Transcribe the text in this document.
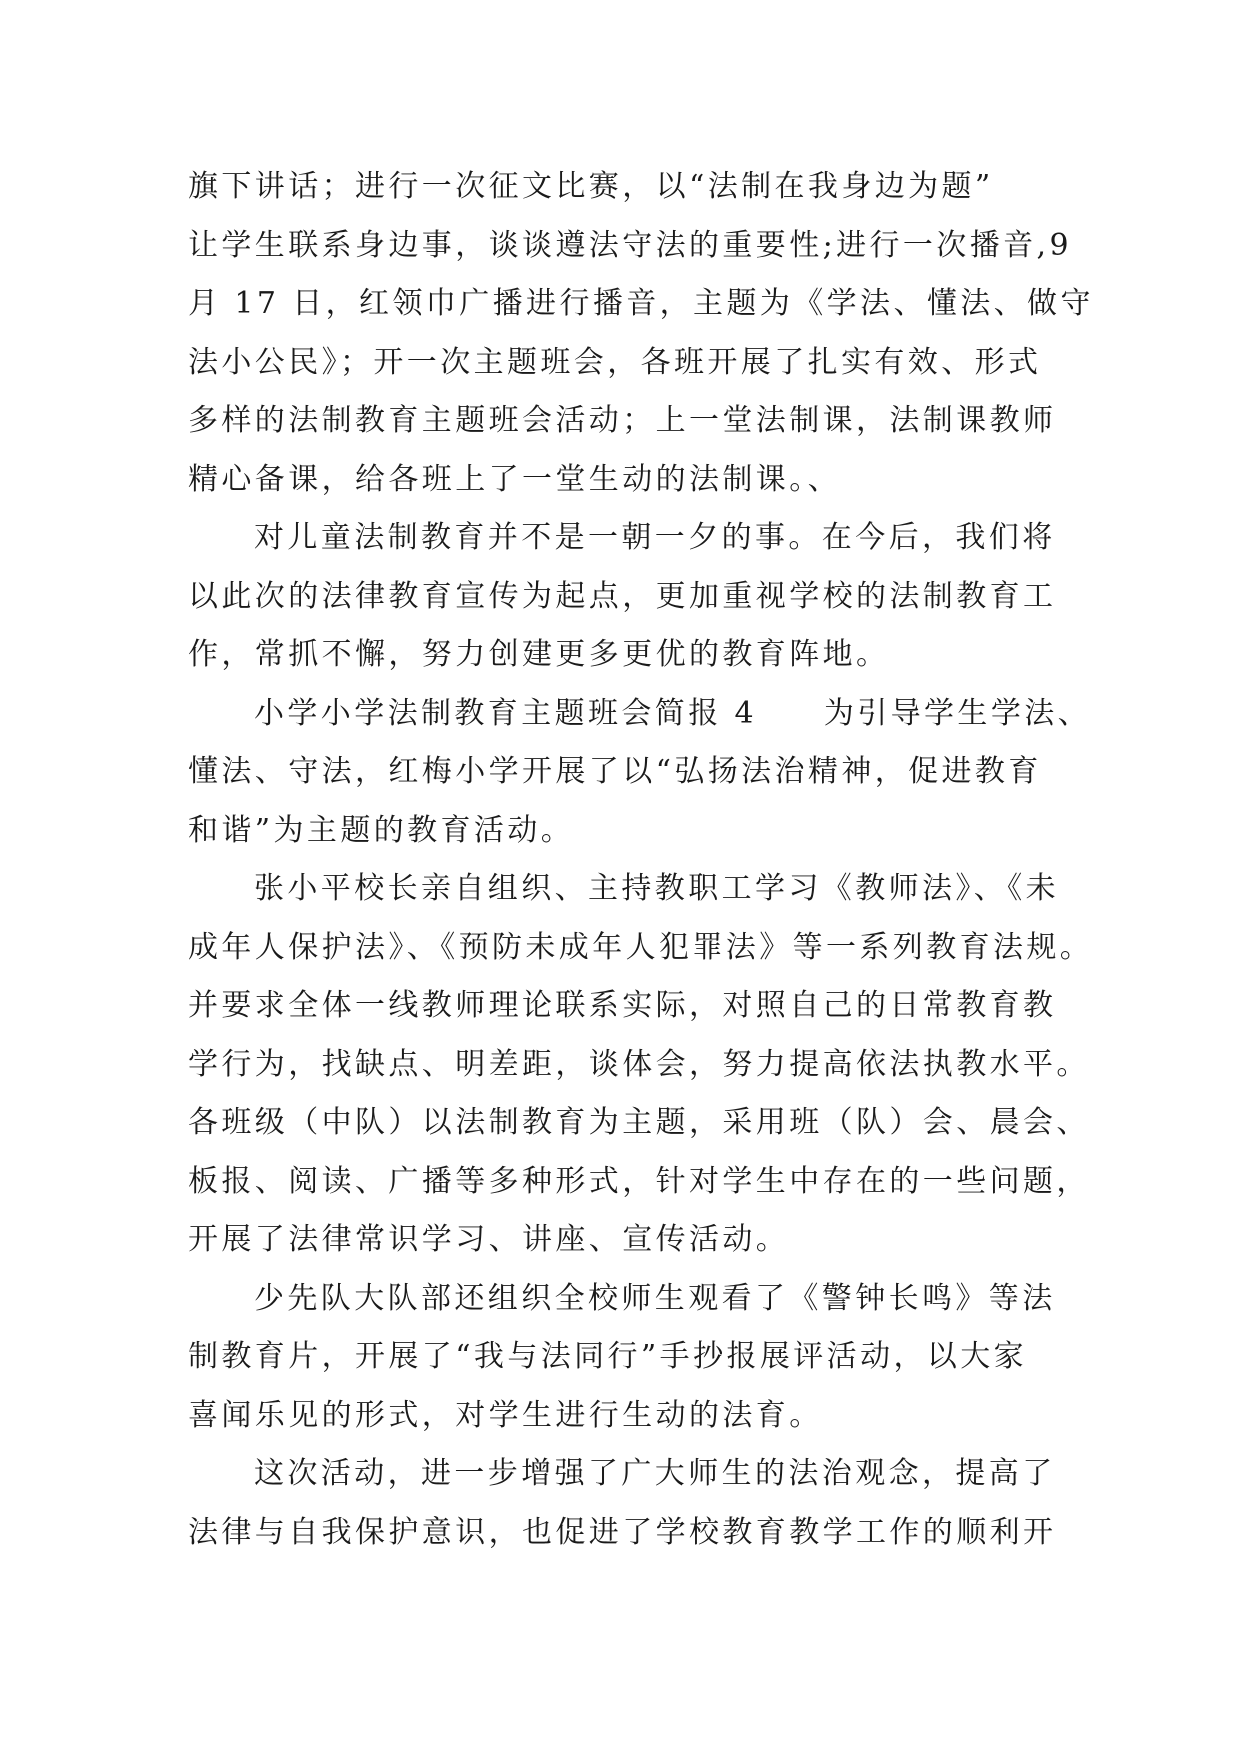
旗下讲话；进行一次征文比赛，以“法制在我身边为题”
让学生联系身边事，谈谈遵法守法的重要性;进行一次播音,9
月 17 日，红领巾广播进行播音，主题为《学法、懂法、做守
法小公民》；开一次主题班会，各班开展了扎实有效、形式
多样的法制教育主题班会活动；上一堂法制课，法制课教师
精心备课，给各班上了一堂生动的法制课。、
对儿童法制教育并不是一朝一夕的事。在今后，我们将
以此次的法律教育宣传为起点，更加重视学校的法制教育工
作，常抓不懈，努力创建更多更优的教育阵地。
小学小学法制教育主题班会简报 4　　为引导学生学法、
懂法、守法，红梅小学开展了以“弘扬法治精神，促进教育
和谐”为主题的教育活动。
张小平校长亲自组织、主持教职工学习《教师法》、《未
成年人保护法》、《预防未成年人犯罪法》等一系列教育法规。
并要求全体一线教师理论联系实际，对照自己的日常教育教
学行为，找缺点、明差距，谈体会，努力提高依法执教水平。
各班级（中队）以法制教育为主题，采用班（队）会、晨会、
板报、阅读、广播等多种形式，针对学生中存在的一些问题，
开展了法律常识学习、讲座、宣传活动。
少先队大队部还组织全校师生观看了《警钟长鸣》等法
制教育片，开展了“我与法同行”手抄报展评活动，以大家
喜闻乐见的形式，对学生进行生动的法育。
这次活动，进一步增强了广大师生的法治观念，提高了
法律与自我保护意识，也促进了学校教育教学工作的顺利开
